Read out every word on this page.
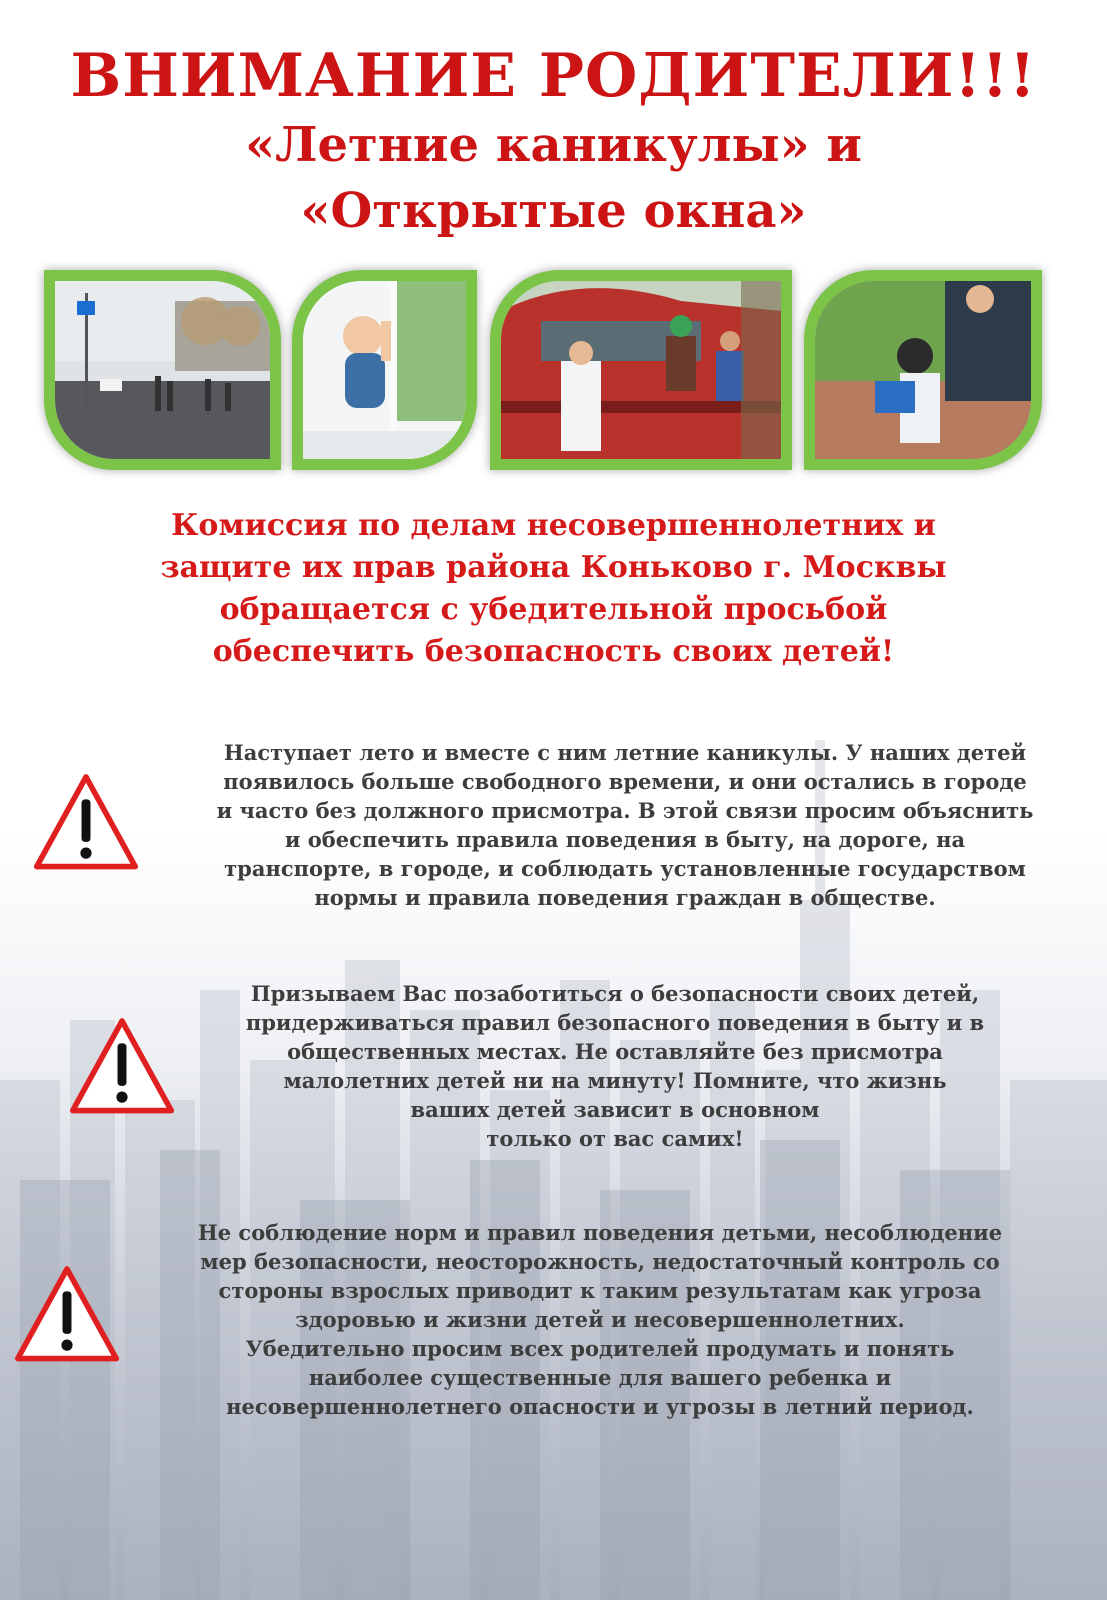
ВНИМАНИЕ РОДИТЕЛИ!!!
«Летние каникулы» и
«Открытые окна»
Комиссия по делам несовершеннолетних и
защите их прав района Коньково г. Москвы
обращается с убедительной просьбой
обеспечить безопасность своих детей!
Наступает лето и вместе с ним летние каникулы. У наших детей
появилось больше свободного времени, и они остались в городе
и часто без должного присмотра. В этой связи просим объяснить
и обеспечить правила поведения в быту, на дороге, на
транспорте, в городе, и соблюдать установленные государством
нормы и правила поведения граждан в обществе.
Призываем Вас позаботиться о безопасности своих детей,
придерживаться правил безопасного поведения в быту и в
общественных местах. Не оставляйте без присмотра
малолетних детей ни на минуту! Помните, что жизнь
ваших детей зависит в основном
только от вас самих!
Не соблюдение норм и правил поведения детьми, несоблюдение
мер безопасности, неосторожность, недостаточный контроль со
стороны взрослых приводит к таким результатам как угроза
здоровью и жизни детей и несовершеннолетних.
Убедительно просим всех родителей продумать и понять
наиболее существенные для вашего ребенка и
несовершеннолетнего опасности и угрозы в летний период.
